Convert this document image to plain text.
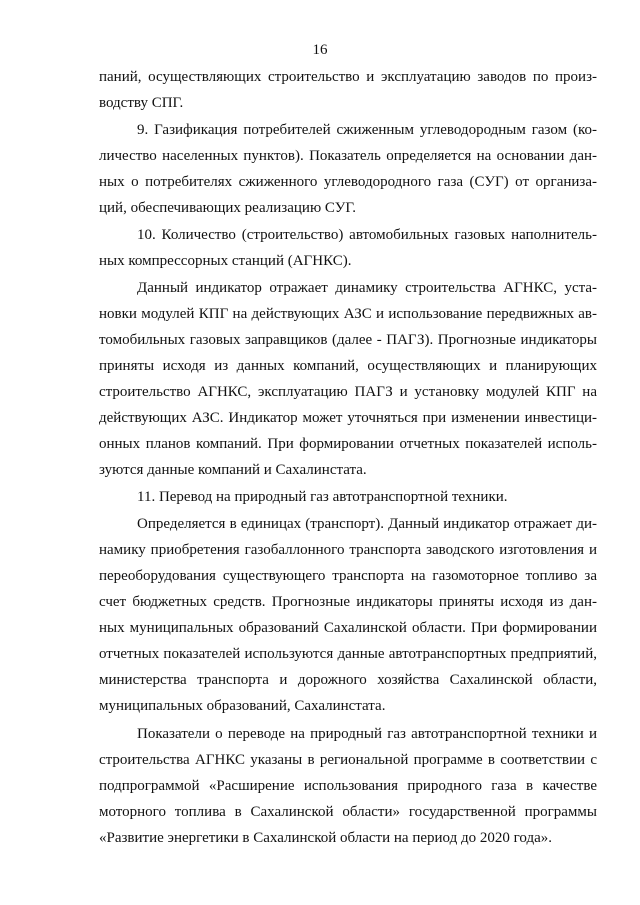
16
паний, осуществляющих строительство и эксплуатацию заводов по произ-
водству СПГ.
9. Газификация потребителей сжиженным углеводородным газом (ко-
личество населенных пунктов). Показатель определяется на основании дан-
ных о потребителях сжиженного углеводородного газа (СУГ) от организа-
ций, обеспечивающих реализацию СУГ.
10. Количество (строительство) автомобильных газовых наполнитель-
ных компрессорных станций (АГНКС).
Данный индикатор отражает динамику строительства АГНКС, уста-
новки модулей КПГ на действующих АЗС и использование передвижных ав-
томобильных газовых заправщиков (далее - ПАГЗ). Прогнозные индикаторы
приняты исходя из данных компаний, осуществляющих и планирующих
строительство АГНКС, эксплуатацию ПАГЗ и установку модулей КПГ на
действующих АЗС. Индикатор может уточняться при изменении инвестици-
онных планов компаний. При формировании отчетных показателей исполь-
зуются данные компаний и Сахалинстата.
11. Перевод на природный газ автотранспортной техники.
Определяется в единицах (транспорт). Данный индикатор отражает ди-
намику приобретения газобаллонного транспорта заводского изготовления и
переоборудования существующего транспорта на газомоторное топливо за
счет бюджетных средств. Прогнозные индикаторы приняты исходя из дан-
ных муниципальных образований Сахалинской области. При формировании
отчетных показателей используются данные автотранспортных предприятий,
министерства транспорта и дорожного хозяйства Сахалинской области,
муниципальных образований, Сахалинстата.
Показатели о переводе на природный газ автотранспортной техники и
строительства АГНКС указаны в региональной программе в соответствии с
подпрограммой «Расширение использования природного газа в качестве
моторного топлива в Сахалинской области» государственной программы
«Развитие энергетики в Сахалинской области на период до 2020 года».
